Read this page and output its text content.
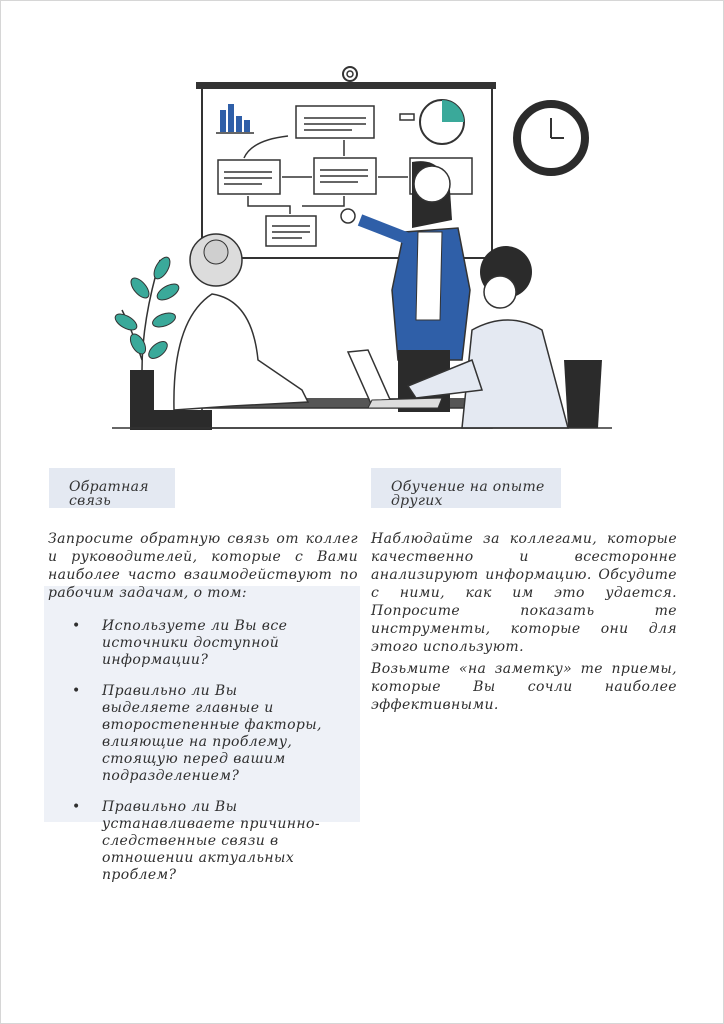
Обратная связь
Обучение на опыте других
Запросите обратную связь от коллег и руководителей, которые с Вами наиболее часто взаимодействуют по рабочим задачам, о том:
• Используете ли Вы все источники доступной информации?
• Правильно ли Вы выделяете главные и второстепенные факторы, влияющие на проблему, стоящую перед вашим подразделением?
• Правильно ли Вы устанавливаете причинно-следственные связи в отношении актуальных проблем?
Наблюдайте за коллегами, которые качественно и всесторонне анализируют информацию. Обсудите с ними, как им это удается. Попросите показать те инструменты, которые они для этого используют.
Возьмите «на заметку» те приемы, которые Вы сочли наиболее эффективными.
